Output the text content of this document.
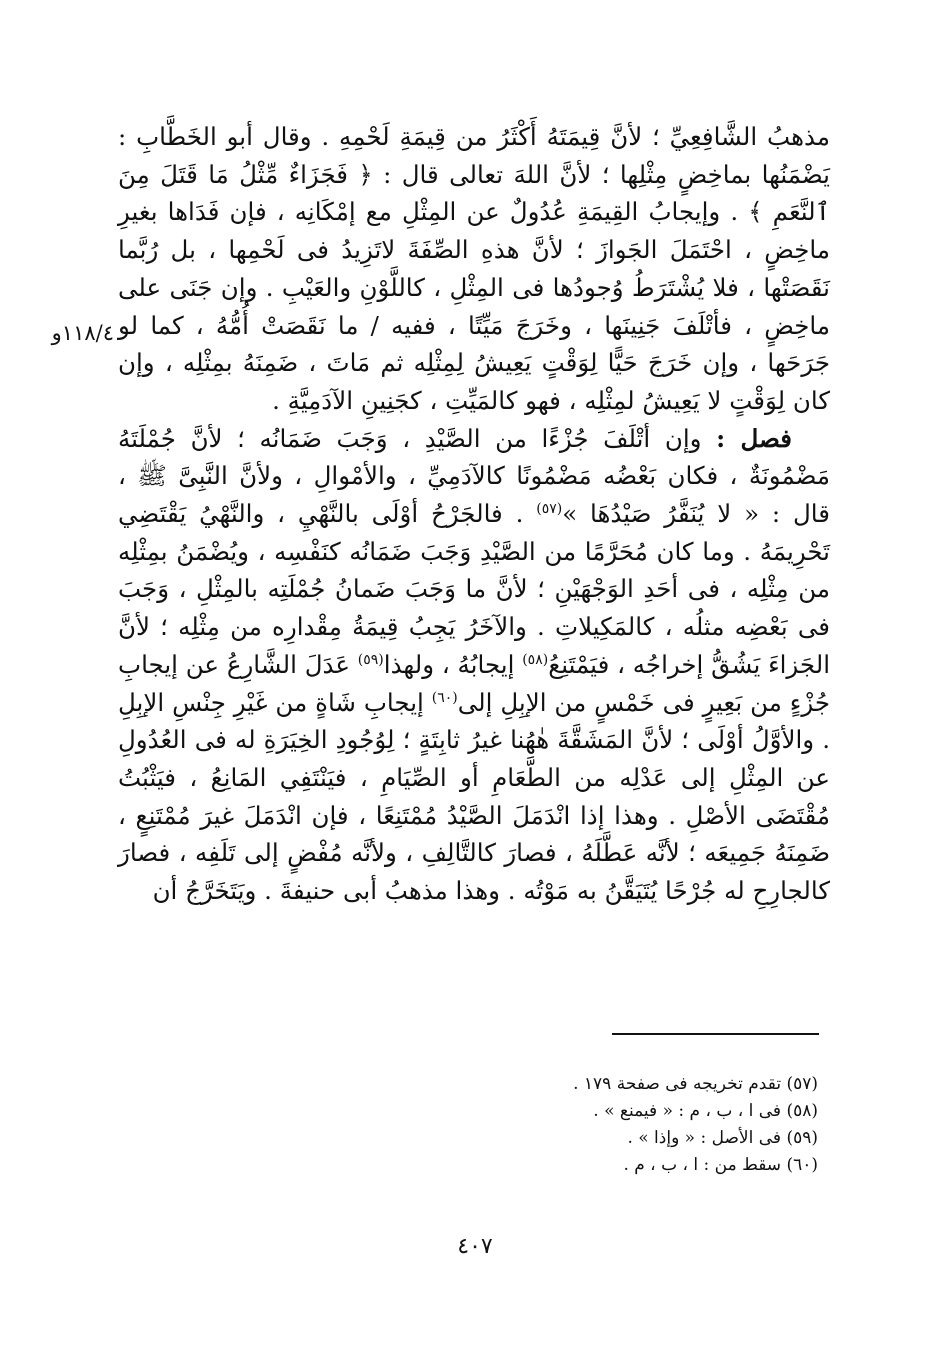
١١٨/٤و

مذهبُ الشَّافِعِيِّ ؛ لأنَّ قِيمَتَهُ أَكْثَرُ من قِيمَةِ لَحْمِهِ . وقال أبو الخَطَّابِ : يَضْمَنُها بماخِضٍ مِثْلِها ؛ لأنَّ اللهَ تعالى قال : ﴿ فَجَزَاءٌ مِّثْلُ مَا قَتَلَ مِنَ ٱلنَّعَمِ ﴾ . وإيجابُ القِيمَةِ عُدُولٌ عن المِثْلِ مع إمْكَانِه ، فإن فَدَاها بغيرِ ماخِضٍ ، احْتَمَلَ الجَوازَ ؛ لأنَّ هذهِ الصِّفَةَ لاتَزِيدُ فى لَحْمِها ، بل رُبَّما نَقَصَتْها ، فلا يُشْتَرَطُ وُجودُها فى المِثْلِ ، كاللَّوْنِ والعَيْبِ . وإن جَنَى على ماخِضٍ ، فأتْلَفَ جَنِينَها ، وخَرَجَ مَيِّتًا ، ففيه / ما نَقَصَتْ أُمُّهُ ، كما لو جَرَحَها ، وإن خَرَجَ حَيًّا لِوَقْتٍ يَعِيشُ لِمِثْلِه ثم مَاتَ ، ضَمِنَهُ بمِثْلِه ، وإن كان لِوَقْتٍ لا يَعِيشُ لمِثْلِه ، فهو كالمَيِّتِ ، كجَنِينِ الآدَمِيَّةِ .

فصل : وإن أتْلَفَ جُزْءًا من الصَّيْدِ ، وَجَبَ ضَمَانُه ؛ لأنَّ جُمْلَتَهُ مَضْمُونَةٌ ، فكان بَعْضُه مَضْمُونًا كالآدَمِيِّ ، والأمْوالِ ، ولأنَّ النَّبِىَّ ﷺ ، قال : « لا يُنَفَّرُ صَيْدُهَا »$^{(٥٧)}$ . فالجَرْحُ أوْلَى بالنَّهْيِ ، والنَّهْيُ يَقْتَضِي تَحْرِيمَهُ . وما كان مُحَرَّمًا من الصَّيْدِ وَجَبَ ضَمَانُه كنَفْسِه ، ويُضْمَنُ بمِثْلِه من مِثْلِه ، فى أحَدِ الوَجْهَيْنِ ؛ لأنَّ ما وَجَبَ ضَمانُ جُمْلَتِه بالمِثْلِ ، وَجَبَ فى بَعْضِه مثلُه ، كالمَكِيلاتِ . والآخَرُ يَجِبُ قِيمَةُ مِقْدارِه من مِثْلِه ؛ لأنَّ الجَزاءَ يَشُقُّ إخراجُه ، فيَمْتَنِعُ$^{(٥٨)}$ إيجابُهُ ، ولهذا$^{(٥٩)}$ عَدَلَ الشَّارِعُ عن إيجابِ جُزْءٍ من بَعِيرٍ فى خَمْسٍ من الإبِلِ إلى$^{(٦٠)}$ إيجابِ شَاةٍ من غَيْرِ جِنْسِ الإبِلِ . والأوَّلُ أوْلَى ؛ لأنَّ المَشَقَّةَ هٰهُنا غيرُ ثابِتَةٍ ؛ لِوُجُودِ الخِيَرَةِ له فى العُدُولِ عن المِثْلِ إلى عَدْلِه من الطَّعَامِ أو الصِّيَامِ ، فيَنْتَفِي المَانِعُ ، فيَثْبُتُ مُقْتَضَى الأصْلِ . وهذا إذا انْدَمَلَ الصَّيْدُ مُمْتَنِعًا ، فإن انْدَمَلَ غيرَ مُمْتَنِعٍ ، ضَمِنَهُ جَمِيعَه ؛ لأنَّه عَطَّلَهُ ، فصارَ كالتَّالِفِ ، ولأنَّه مُفْضٍ إلى تَلَفِه ، فصارَ كالجارِحِ له جُرْحًا يُتَيَقَّنُ به مَوْتُه . وهذا مذهبُ أبى حنيفةَ . ويَتَخَرَّجُ أن

(٥٧) تقدم تخريجه فى صفحة ١٧٩ .

(٥٨) فى ا ، ب ، م : « فيمنع » .

(٥٩) فى الأصل : « وإذا » .

(٦٠) سقط من : ا ، ب ، م .

٤٠٧
